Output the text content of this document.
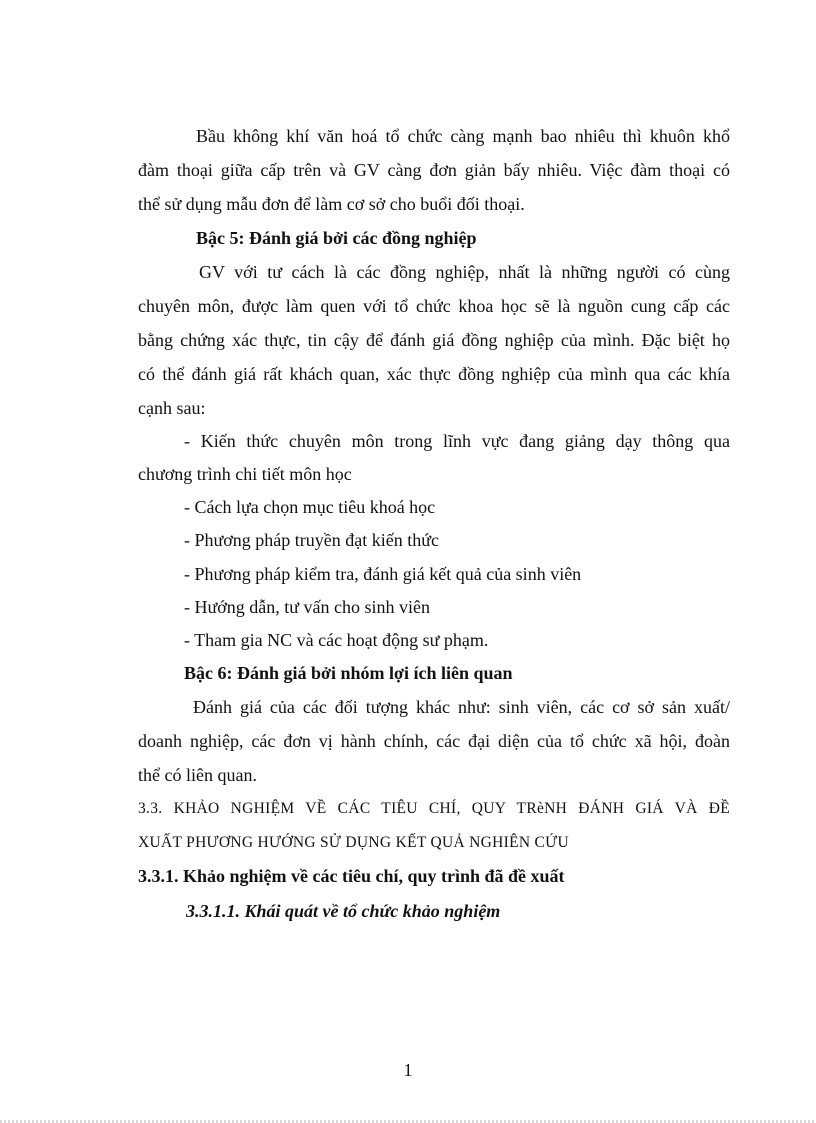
Bầu không khí văn hoá tổ chức càng mạnh bao nhiêu thì khuôn khổ
đàm thoại giữa cấp trên và GV càng đơn giản bấy nhiêu. Việc đàm thoại có
thể sử dụng mẫu đơn để làm cơ sở cho buổi đối thoại.
Bậc 5: Đánh giá bởi các đồng nghiệp
GV với tư cách là các đồng nghiệp, nhất là những người có cùng
chuyên môn, được làm quen với tổ chức khoa học sẽ là nguồn cung cấp các
bằng chứng xác thực, tin cậy để đánh giá đồng nghiệp của mình. Đặc biệt họ
có thể đánh giá rất khách quan, xác thực đồng nghiệp của mình qua các khía
cạnh sau:
- Kiến thức chuyên môn trong lĩnh vực đang giảng dạy thông qua
chương trình chi tiết môn học
- Cách lựa chọn mục tiêu khoá học
- Phương pháp truyền đạt kiến thức
- Phương pháp kiểm tra, đánh giá kết quả của sinh viên
- Hướng dẫn, tư vấn cho sinh viên
- Tham gia NC và các hoạt động sư phạm.
Bậc 6: Đánh giá bởi nhóm lợi ích liên quan
Đánh giá của các đối tượng khác như: sinh viên, các cơ sở sản xuất/
doanh nghiệp, các đơn vị hành chính, các đại diện của tổ chức xã hội, đoàn
thể có liên quan.
3.3. KHẢO NGHIỆM VỀ CÁC TIÊU CHÍ, QUY TRèNH ĐÁNH GIÁ VÀ ĐỀ
XUẤT PHƯƠNG HƯỚNG SỬ DỤNG KẾT QUẢ NGHIÊN CỨU
3.3.1. Khảo nghiệm về các tiêu chí, quy trình đã đề xuất
3.3.1.1. Khái quát về tổ chức khảo nghiệm
1
